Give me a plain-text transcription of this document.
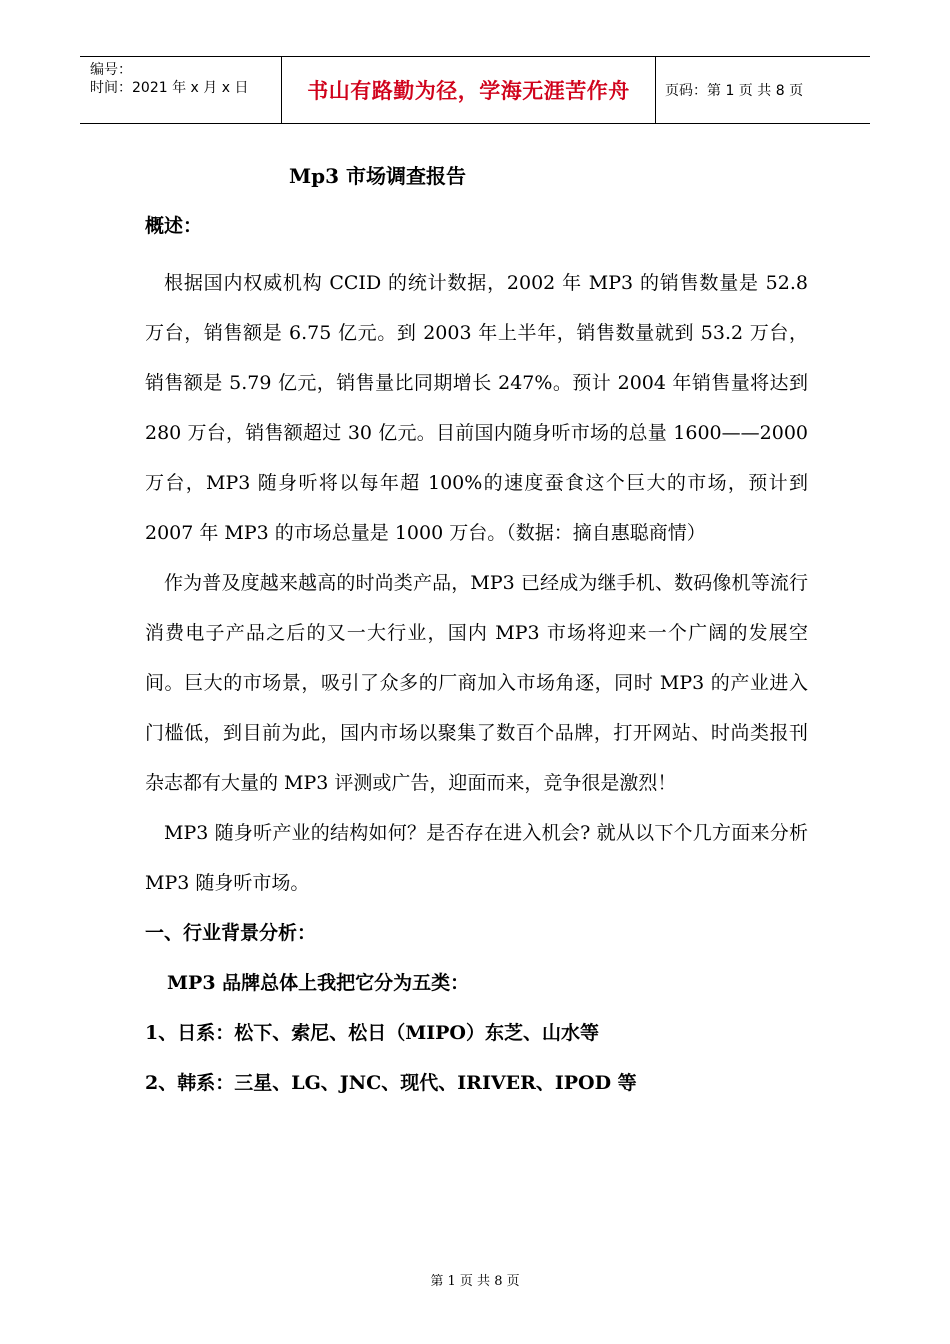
编号：
时间：2021 年 x 月 x 日	书山有路勤为径，学海无涯苦作舟	页码：第 1 页 共 8 页
Mp3 市场调查报告
概述：

根据国内权威机构 CCID 的统计数据，2002 年 MP3 的销售数量是 52.8 万台，销售额是 6.75 亿元。到 2003 年上半年，销售数量就到 53.2 万台，销售额是 5.79 亿元，销售量比同期增长 247%。预计 2004 年销售量将达到 280 万台，销售额超过 30 亿元。目前国内随身听市场的总量 1600——2000 万台，MP3 随身听将以每年超 100%的速度蚕食这个巨大的市场，预计到 2007 年 MP3 的市场总量是 1000 万台。（数据：摘自惠聪商情）

作为普及度越来越高的时尚类产品，MP3 已经成为继手机、数码像机等流行消费电子产品之后的又一大行业，国内 MP3 市场将迎来一个广阔的发展空间。巨大的市场景，吸引了众多的厂商加入市场角逐，同时 MP3 的产业进入门槛低，到目前为此，国内市场以聚集了数百个品牌，打开网站、时尚类报刊杂志都有大量的 MP3 评测或广告，迎面而来，竞争很是激烈！

MP3 随身听产业的结构如何？是否存在进入机会? 就从以下个几方面来分析 MP3 随身听市场。

一、行业背景分析：
MP3 品牌总体上我把它分为五类：
1、日系：松下、索尼、松日（MIPO）东芝、山水等
2、韩系：三星、LG、JNC、现代、IRIVER、IPOD 等
第 1 页 共 8 页
